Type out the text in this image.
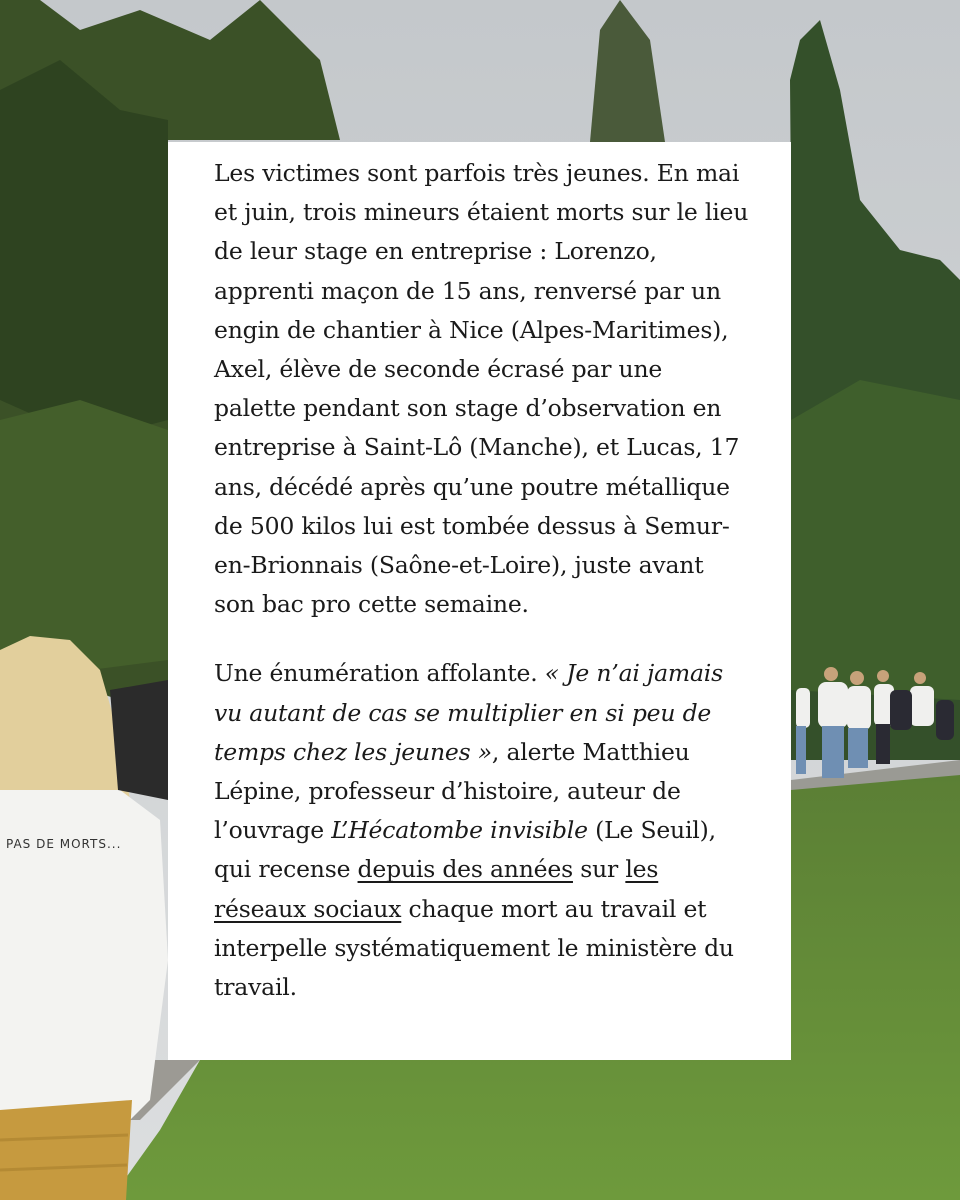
PAS DE MORTS...

Les victimes sont parfois très jeunes. En mai et juin, trois mineurs étaient morts sur le lieu de leur stage en entreprise : Lorenzo, apprenti maçon de 15 ans, renversé par un engin de chantier à Nice (Alpes-Maritimes), Axel, élève de seconde écrasé par une palette pendant son stage d’observation en entreprise à Saint-Lô (Manche), et Lucas, 17 ans, décédé après qu’une poutre métallique de 500 kilos lui est tombée dessus à Semur-en-Brionnais (Saône-et-Loire), juste avant son bac pro cette semaine.

Une énumération affolante. « Je n’ai jamais vu autant de cas se multiplier en si peu de temps chez les jeunes », alerte Matthieu Lépine, professeur d’histoire, auteur de l’ouvrage L’Hécatombe invisible (Le Seuil), qui recense depuis des années sur les réseaux sociaux chaque mort au travail et interpelle systématiquement le ministère du travail.
